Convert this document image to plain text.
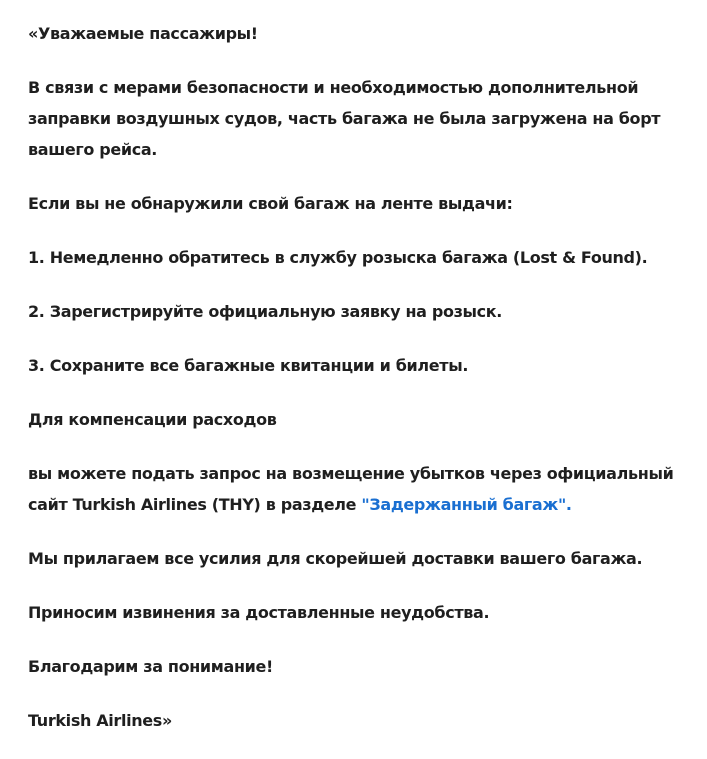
«Уважаемые пассажиры!
В связи с мерами безопасности и необходимостью дополнительной
заправки воздушных судов, часть багажа не была загружена на борт
вашего рейса.
Если вы не обнаружили свой багаж на ленте выдачи:
1. Немедленно обратитесь в службу розыска багажа (Lost & Found).
2. Зарегистрируйте официальную заявку на розыск.
3. Сохраните все багажные квитанции и билеты.
Для компенсации расходов
вы можете подать запрос на возмещение убытков через официальный
сайт Turkish Airlines (THY) в разделе "Задержанный багаж".
Мы прилагаем все усилия для скорейшей доставки вашего багажа.
Приносим извинения за доставленные неудобства.
Благодарим за понимание!
Turkish Airlines»
